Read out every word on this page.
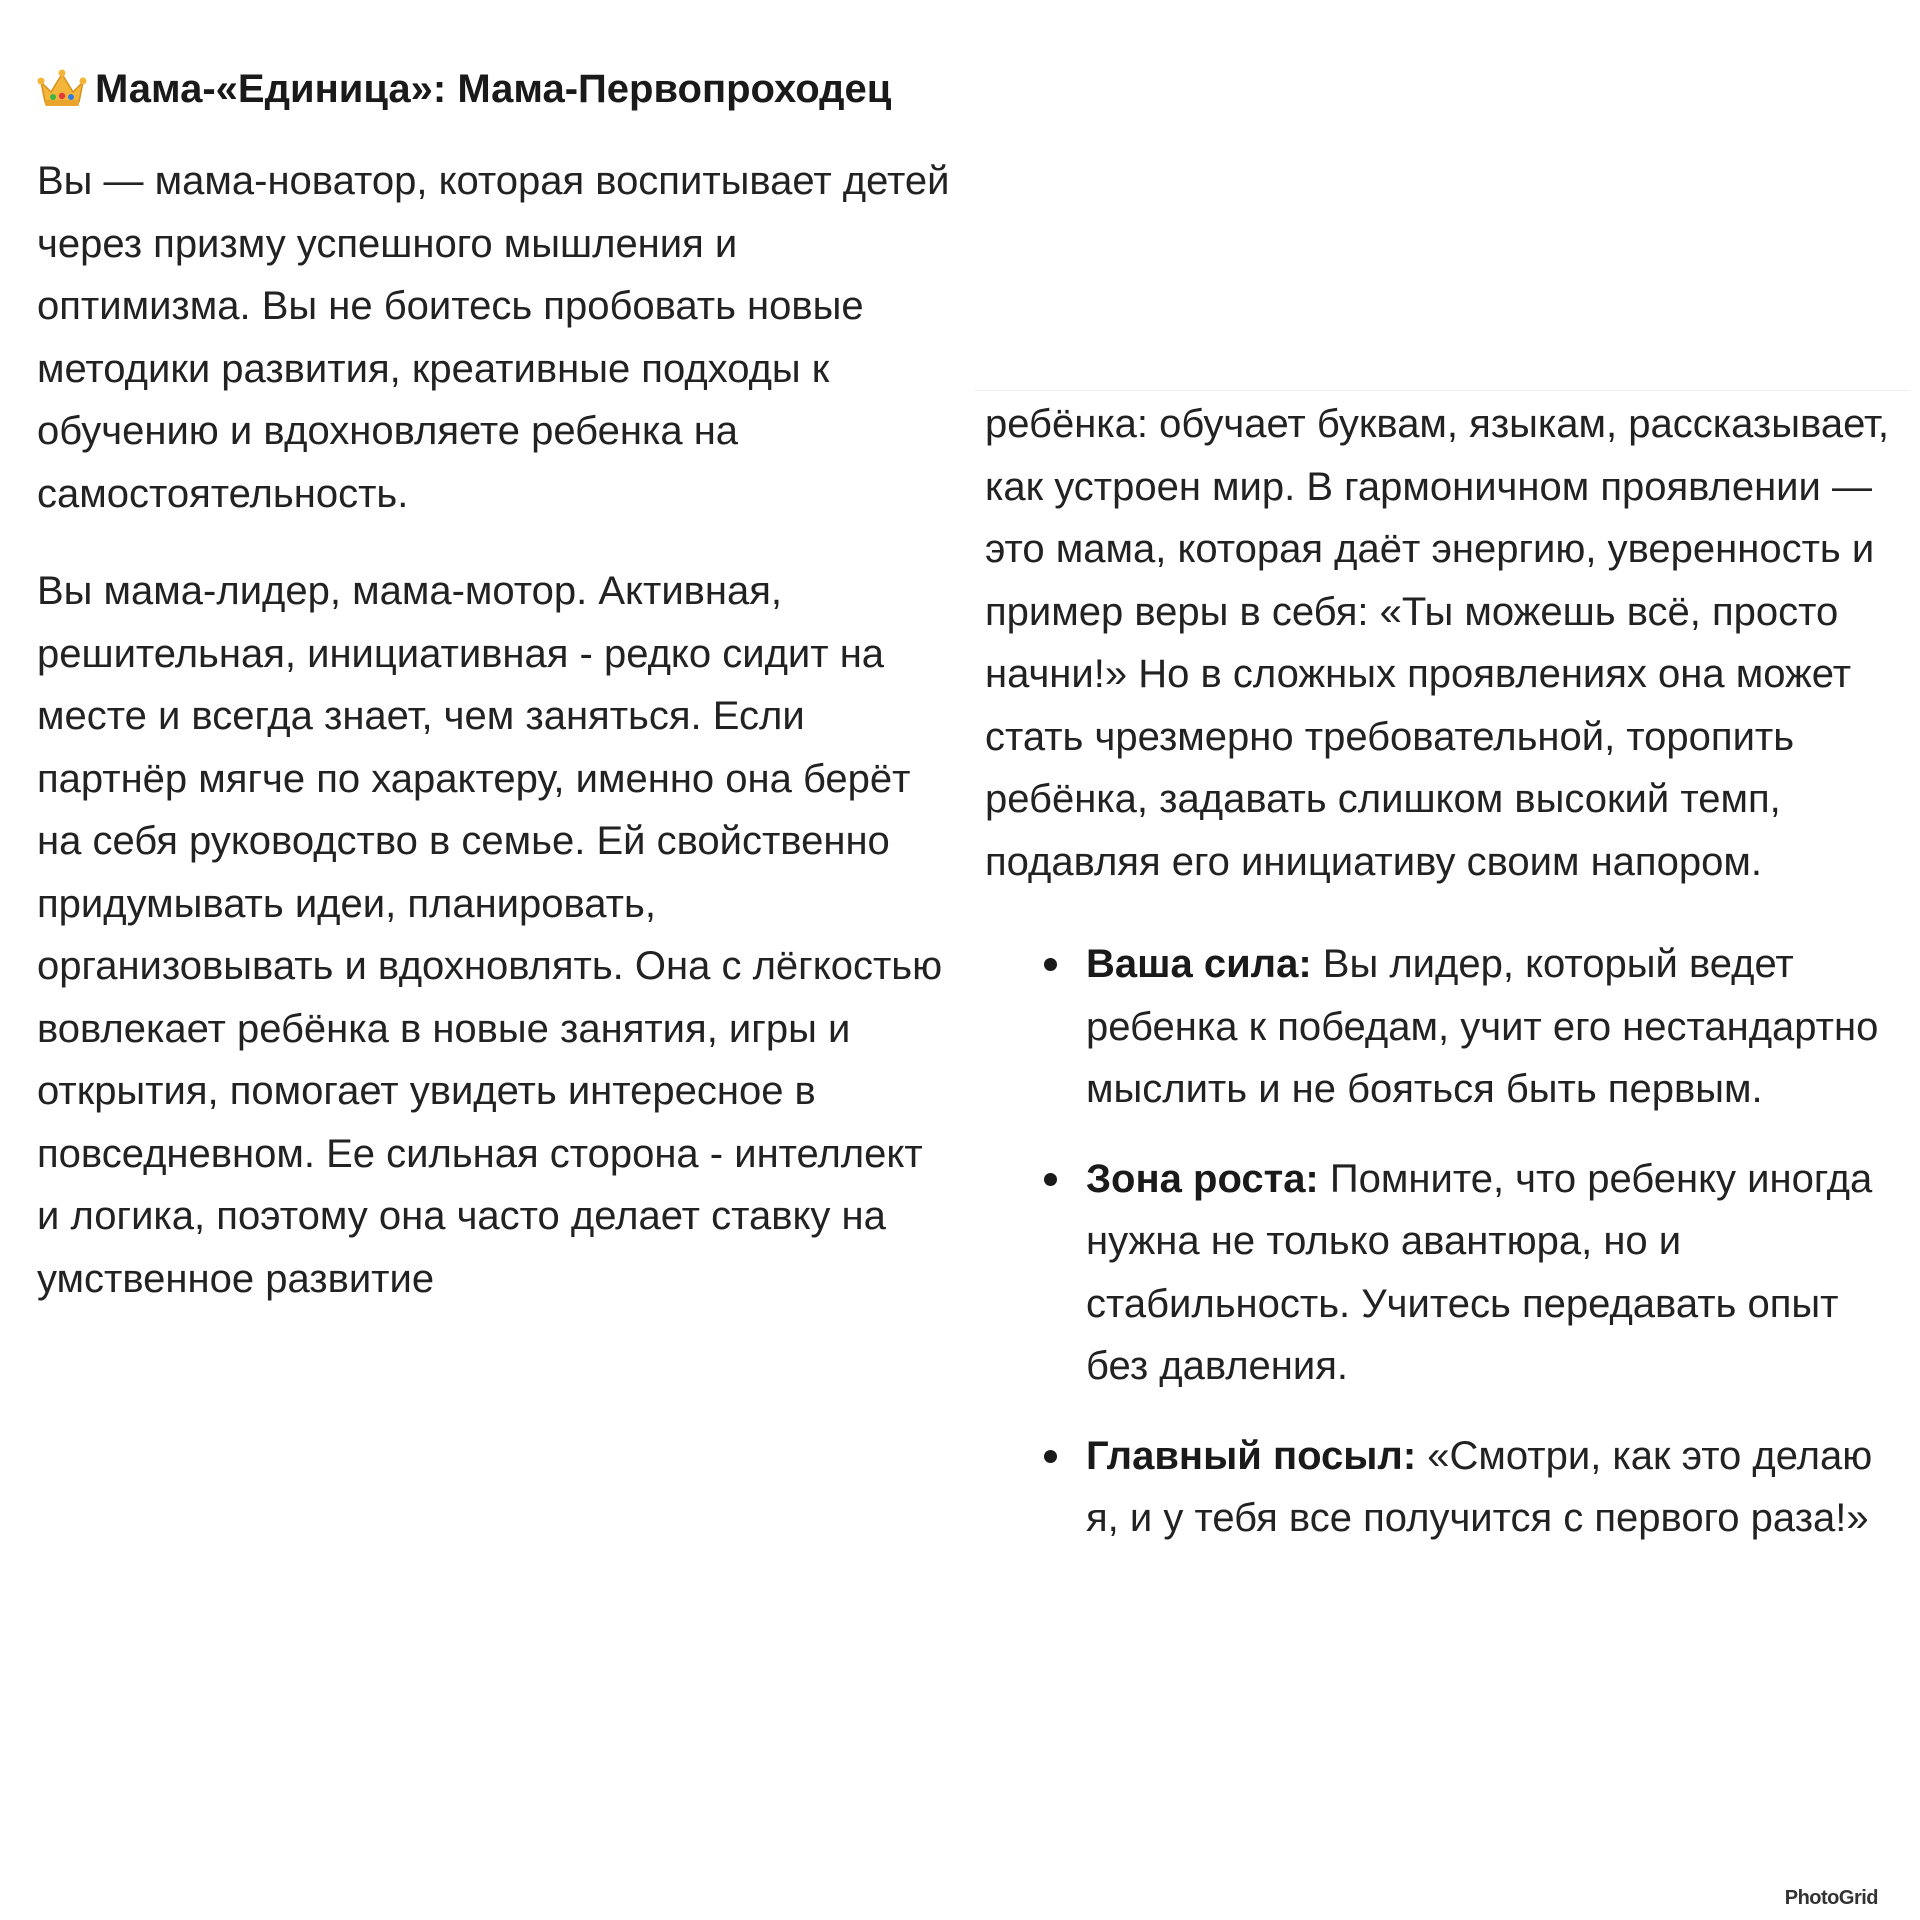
Мама-«Единица»: Мама-Первопроходец

Вы — мама-новатор, которая воспитывает детей через призму успешного мышления и оптимизма. Вы не боитесь пробовать новые методики развития, креативные подходы к обучению и вдохновляете ребенка на самостоятельность.

Вы мама-лидер, мама-мотор. Активная, решительная, инициативная - редко сидит на месте и всегда знает, чем заняться. Если партнёр мягче по характеру, именно она берёт на себя руководство в семье. Ей свойственно придумывать идеи, планировать, организовывать и вдохновлять. Она с лёгкостью вовлекает ребёнка в новые занятия, игры и открытия, помогает увидеть интересное в повседневном. Ее сильная сторона - интеллект и логика, поэтому она часто делает ставку на умственное развитие

ребёнка: обучает буквам, языкам, рассказывает, как устроен мир. В гармоничном проявлении — это мама, которая даёт энергию, уверенность и пример веры в себя: «Ты можешь всё, просто начни!» Но в сложных проявлениях она может стать чрезмерно требовательной, торопить ребёнка, задавать слишком высокий темп, подавляя его инициативу своим напором.

Ваша сила: Вы лидер, который ведет ребенка к победам, учит его нестандартно мыслить и не бояться быть первым.
Зона роста: Помните, что ребенку иногда нужна не только авантюра, но и стабильность. Учитесь передавать опыт без давления.
Главный посыл: «Смотри, как это делаю я, и у тебя все получится с первого раза!»
PhotoGrid
